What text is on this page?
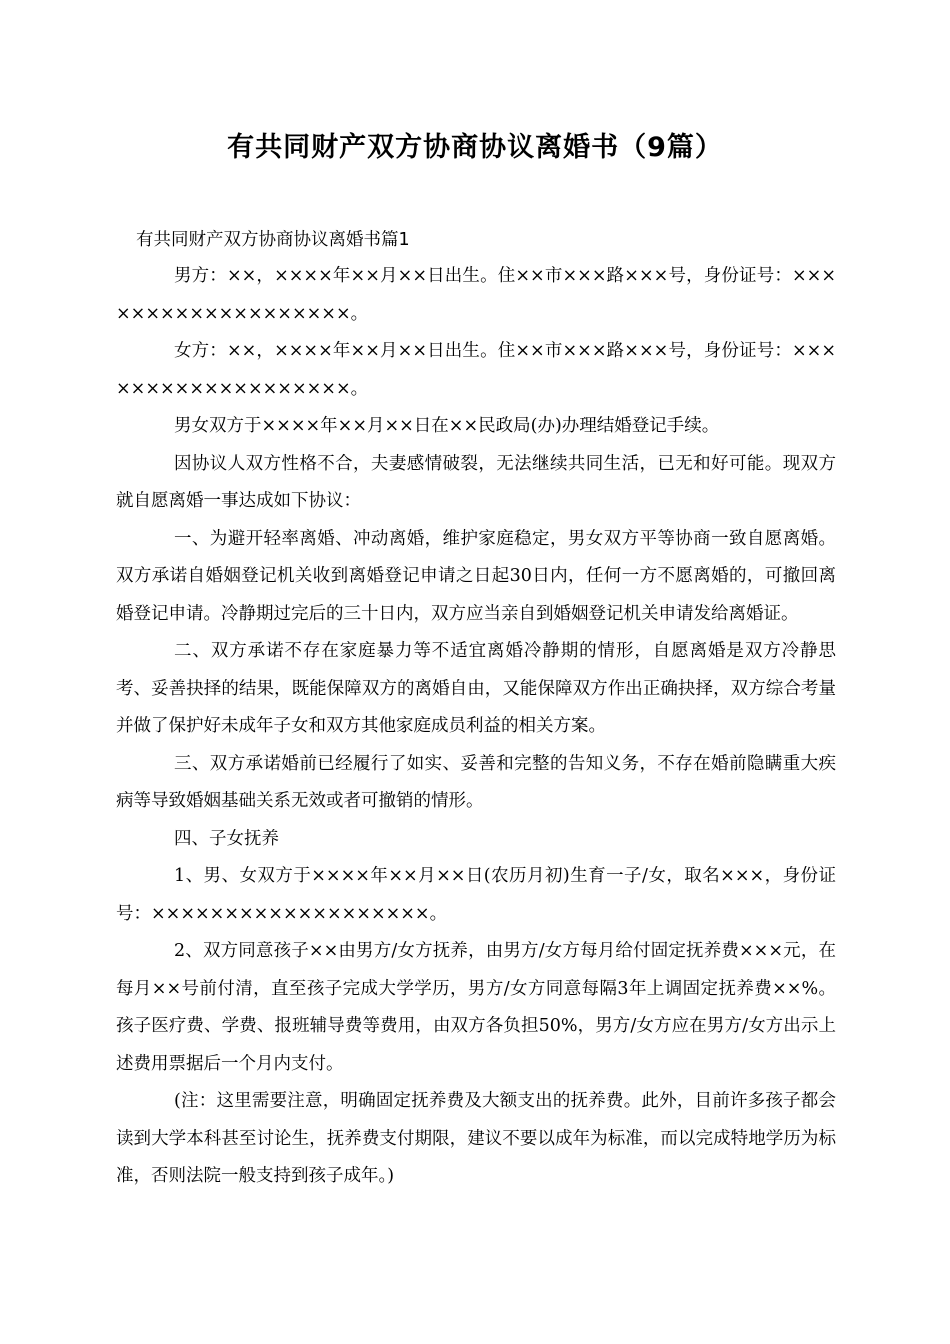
有共同财产双方协商协议离婚书（9篇）
有共同财产双方协商协议离婚书篇1

男方：××，××××年××月××日出生。住××市×××路×××号，身份证号：×××××××××××××××××××。

女方：××，××××年××月××日出生。住××市×××路×××号，身份证号：×××××××××××××××××××。

男女双方于××××年××月××日在××民政局(办)办理结婚登记手续。

因协议人双方性格不合，夫妻感情破裂，无法继续共同生活，已无和好可能。现双方就自愿离婚一事达成如下协议：

一、为避开轻率离婚、冲动离婚，维护家庭稳定，男女双方平等协商一致自愿离婚。双方承诺自婚姻登记机关收到离婚登记申请之日起30日内，任何一方不愿离婚的，可撤回离婚登记申请。冷静期过完后的三十日内，双方应当亲自到婚姻登记机关申请发给离婚证。

二、双方承诺不存在家庭暴力等不适宜离婚冷静期的情形，自愿离婚是双方冷静思考、妥善抉择的结果，既能保障双方的离婚自由，又能保障双方作出正确抉择，双方综合考量并做了保护好未成年子女和双方其他家庭成员利益的相关方案。

三、双方承诺婚前已经履行了如实、妥善和完整的告知义务，不存在婚前隐瞒重大疾病等导致婚姻基础关系无效或者可撤销的情形。

四、子女抚养

1、男、女双方于××××年××月××日(农历月初)生育一子/女，取名×××，身份证号：×××××××××××××××××××。

2、双方同意孩子××由男方/女方抚养，由男方/女方每月给付固定抚养费×××元，在每月××号前付清，直至孩子完成大学学历，男方/女方同意每隔3年上调固定抚养费××%。孩子医疗费、学费、报班辅导费等费用，由双方各负担50%，男方/女方应在男方/女方出示上述费用票据后一个月内支付。

(注：这里需要注意，明确固定抚养费及大额支出的抚养费。此外，目前许多孩子都会读到大学本科甚至讨论生，抚养费支付期限，建议不要以成年为标准，而以完成特地学历为标准，否则法院一般支持到孩子成年。)
